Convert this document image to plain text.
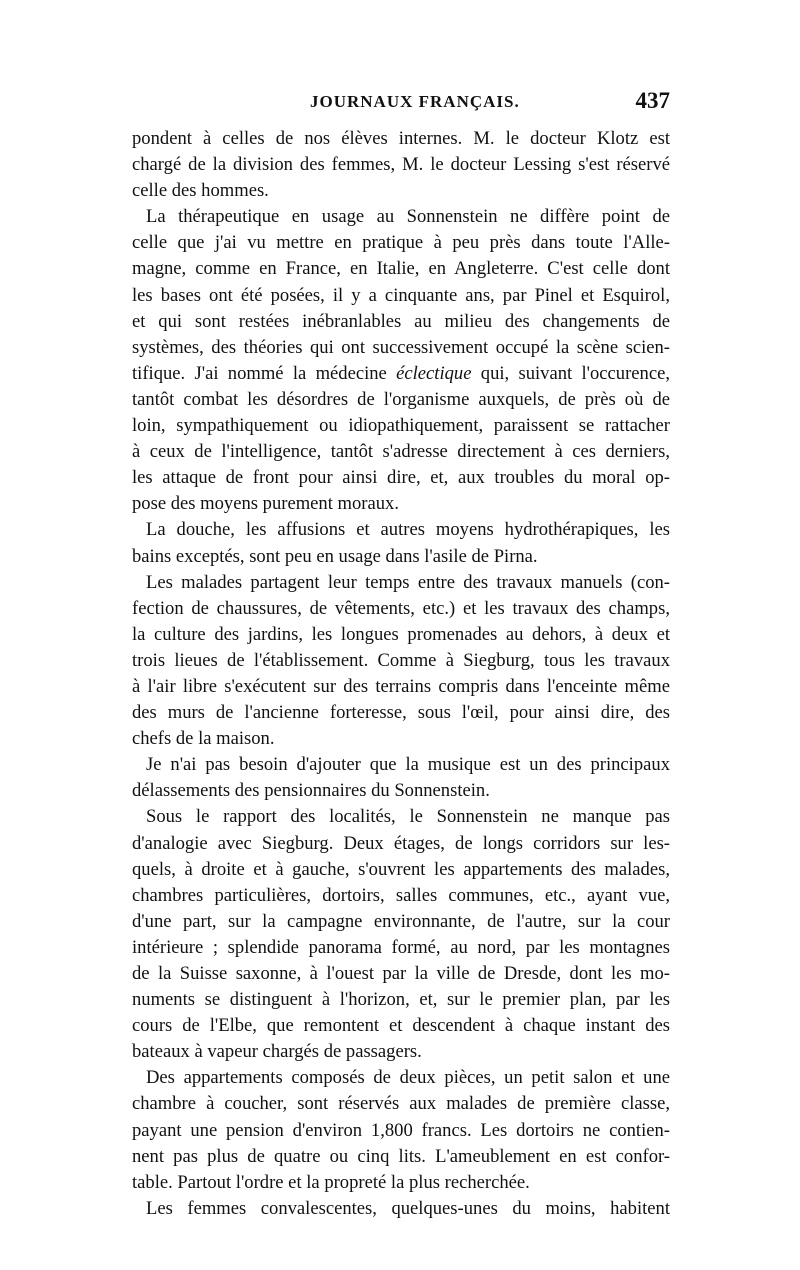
JOURNAUX FRANÇAIS.	437
pondent à celles de nos élèves internes. M. le docteur Klotz est
chargé de la division des femmes, M. le docteur Lessing s'est réservé
celle des hommes.
La thérapeutique en usage au Sonnenstein ne diffère point de
celle que j'ai vu mettre en pratique à peu près dans toute l'Alle-
magne, comme en France, en Italie, en Angleterre. C'est celle dont
les bases ont été posées, il y a cinquante ans, par Pinel et Esquirol,
et qui sont restées inébranlables au milieu des changements de
systèmes, des théories qui ont successivement occupé la scène scien-
tifique. J'ai nommé la médecine éclectique qui, suivant l'occurence,
tantôt combat les désordres de l'organisme auxquels, de près où de
loin, sympathiquement ou idiopathiquement, paraissent se rattacher
à ceux de l'intelligence, tantôt s'adresse directement à ces derniers,
les attaque de front pour ainsi dire, et, aux troubles du moral op-
pose des moyens purement moraux.
La douche, les affusions et autres moyens hydrothérapiques, les
bains exceptés, sont peu en usage dans l'asile de Pirna.
Les malades partagent leur temps entre des travaux manuels (con-
fection de chaussures, de vêtements, etc.) et les travaux des champs,
la culture des jardins, les longues promenades au dehors, à deux et
trois lieues de l'établissement. Comme à Siegburg, tous les travaux
à l'air libre s'exécutent sur des terrains compris dans l'enceinte même
des murs de l'ancienne forteresse, sous l'œil, pour ainsi dire, des
chefs de la maison.
Je n'ai pas besoin d'ajouter que la musique est un des principaux
délassements des pensionnaires du Sonnenstein.
Sous le rapport des localités, le Sonnenstein ne manque pas
d'analogie avec Siegburg. Deux étages, de longs corridors sur les-
quels, à droite et à gauche, s'ouvrent les appartements des malades,
chambres particulières, dortoirs, salles communes, etc., ayant vue,
d'une part, sur la campagne environnante, de l'autre, sur la cour
intérieure ; splendide panorama formé, au nord, par les montagnes
de la Suisse saxonne, à l'ouest par la ville de Dresde, dont les mo-
numents se distinguent à l'horizon, et, sur le premier plan, par les
cours de l'Elbe, que remontent et descendent à chaque instant des
bateaux à vapeur chargés de passagers.
Des appartements composés de deux pièces, un petit salon et une
chambre à coucher, sont réservés aux malades de première classe,
payant une pension d'environ 1,800 francs. Les dortoirs ne contien-
nent pas plus de quatre ou cinq lits. L'ameublement en est confor-
table. Partout l'ordre et la propreté la plus recherchée.
Les femmes convalescentes, quelques-unes du moins, habitent
